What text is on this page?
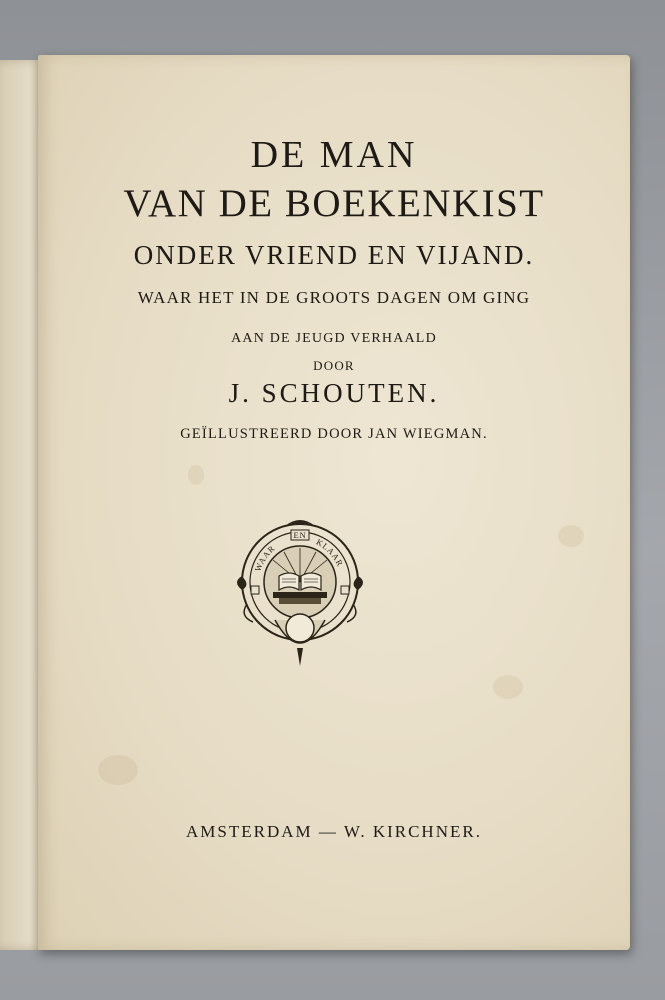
DE MAN
VAN DE BOEKENKIST
ONDER VRIEND EN VIJAND.
WAAR HET IN DE GROOTS DAGEN OM GING
AAN DE JEUGD VERHAALD
DOOR
J. SCHOUTEN.
GEÏLLUSTREERD DOOR JAN WIEGMAN.
EN
WAAR
KLAAR
AMSTERDAM — W. KIRCHNER.
